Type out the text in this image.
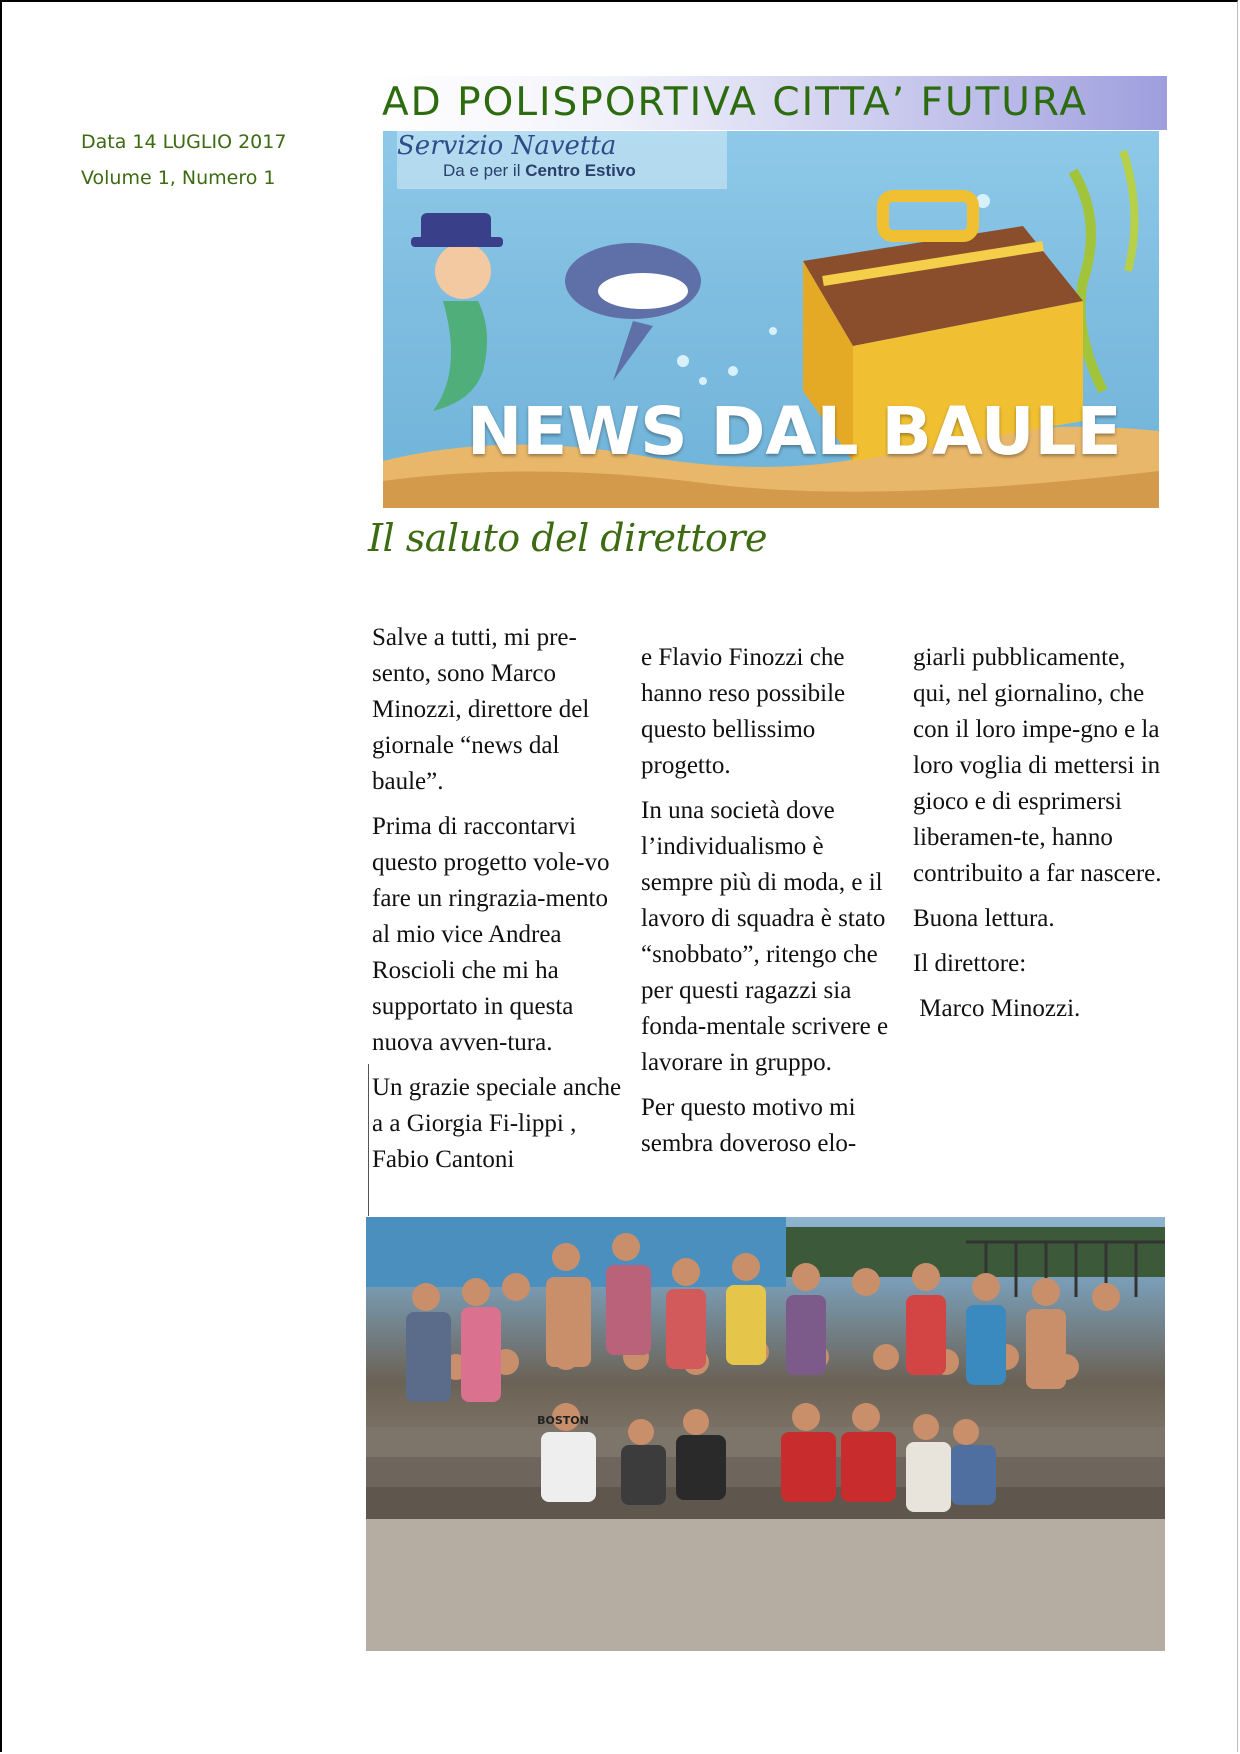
Data 14 LUGLIO 2017
Volume 1, Numero 1
AD POLISPORTIVA CITTA’ FUTURA
Servizio Navetta
Da e per il Centro Estivo
NEWS DAL BAULE
Il saluto del direttore

Salve a tutti, mi pre-sento, sono Marco Minozzi, direttore del giornale “news dal baule”.

Prima di raccontarvi questo progetto vole-vo fare un ringrazia-mento al mio vice Andrea Roscioli che mi ha supportato in questa nuova avven-tura.

Un grazie speciale anche a a Giorgia Fi-lippi , Fabio Cantoni

e Flavio Finozzi che hanno reso possibile questo bellissimo progetto.

In una società dove l’individualismo è sempre più di moda, e il lavoro di squadra è stato “snobbato”, ritengo che per questi ragazzi sia fonda-mentale scrivere e lavorare in gruppo.

Per questo motivo mi sembra doveroso elo-

giarli pubblicamente, qui, nel giornalino, che con il loro impe-gno e la loro voglia di mettersi in gioco e di esprimersi liberamen-te, hanno contribuito a far nascere.

Buona lettura.

Il direttore:

Marco Minozzi.

BOSTON
